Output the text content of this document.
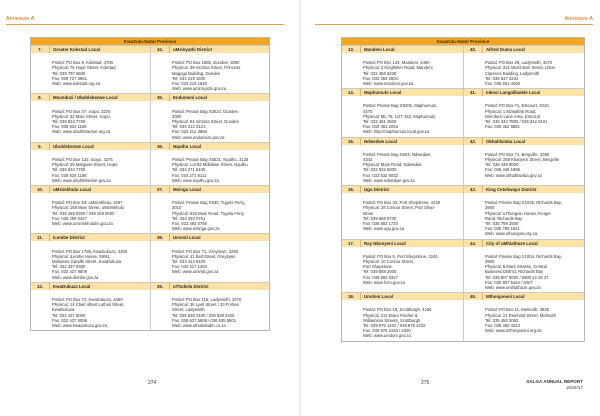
Annexure A
KwaZulu-Natal Province
7.	Greater Kokstad Local
Postal: PO Box 8, Kokstad, 4700
Physical: 75 Hope Street, Kokstad
Tel: 039 797 6600
Fax: 039 727 3551
Web: www.kokstad.org.za
34.	uMzinyathi District
Postal: PO Box 1965, Dundee, 3000
Physical: 39 Victoria Street, Princess
Magogo Building, Dundee
Tel: 034 219 1500
Fax: 034 218 1940
Web: www.umzinyathi.gov.za
8.	Msunduzi / Ubuhlebezwe Local
Postal: PO Box 47, Ixopo, 3276
Physical: 32 Main Street, Ixopo
Tel: 039 834 7700
Fax: 039 834 1168
Web: www.ubuhlebezwe.org.za
35.	Endumeni Local
Postal: Private Bag X2024, Dundee,
3000
Physical: 64 Victoria Street, Dundee
Tel: 034 212 2121
Fax: 034 212 3856
Web: www.endumeni.gov.za
9.	Ubuhlebezwe Local
Postal: PO Box 132, Ixopo, 3276
Physical: 29 Margaret Street, Ixopo
Tel: 039 834 7700
Fax: 039 834 1168
Web: www.ubuhlebezwe.gov.za
36.	Nquthu Local
Postal: Private Bag X5521, Nquthu, 3135
Physical: Lot 83 Mdlalose Street, Nquthu
Tel: 034 271 6100
Fax: 034 271 6111
Web: www.nquthu.gov.za
10.	uMzimkhulu Local
Postal: PO Box 53, uMzimkhulu, 3297
Physical: 169 Main Street, uMzimkhulu
Tel: 039 259 5300 / 039 259 5000
Fax: 039 259 0427
Web: www.umzimkhululm.gov.za
37.	Msinga Local
Postal: Private Bag X530, Tugela Ferry,
3010
Physical: 533 Main Road, Tugela Ferry
Tel: 033 493 0761
Fax: 033 493 0766
Web: www.msinga.gov.za
11.	iLembe District
Postal: PO Box 1788, KwaDukuza, 4450
Physical: iLembe House, 59/61
Mahatma Gandhi Street, KwaDukuza
Tel: 032 437 9300
Fax: 032 437 9509
Web: www.ilembe.gov.za
38.	Umvoti Local
Postal: PO Box 71, Greytown, 3250
Physical: 41 Bell Street, Greytown
Tel: 033 413 9100
Fax: 033 417 1393
Web: www.umvoti.gov.za
12.	KwaDukuza Local
Postal: PO Box 72, KwaDukuza, 4450
Physical: 14 Chief Albert Luthuli Street,
KwaDukuza
Tel: 032 437 5000
Fax: 032 437 5098
Web: www.kwadukuza.gov.za
39.	uThukela District
Postal: PO Box 116, Ladysmith, 3370
Physical: 36 Lyell Street / 33 Forbes
Street, Ladysmith
Tel: 036 638 2400 / 036 638 2400
Fax: 036 637 5608 / 036 635 5501
Web: www.uthukeladm.co.za
274
Annexure A
KwaZulu-Natal Province
13.	Mandeni Local
Postal: PO Box 144, Mandeni, 4490
Physical: 2 Kingfisher Road, Mandeni
Tel: 032 456 8200
Fax: 032 456 2504
Web: www.mandeni.gov.za
40.	Alfred Duma Local
Postal: PO Box 29, Ladysmith, 3370
Physical: 221 Murchison Street, Lister
Clarence Building, Ladysmith
Tel: 036 637 2231
Fax: 036 631 4400
14.	Maphumulo Local
Postal: Private Bag X9205, Maphumulo,
4470
Physical: ML 78, LOT 152, Maphumulo
Tel: 032 481 4500
Fax: 032 481 2053
Web: http://maphumulo.local.gov.za
41.	Inkosi Langalibalele Local
Postal: PO Box 71, Estcourt, 3310
Physical: 1 Mzwakhe Road,
Wembezi Lane Area, Estcourt
Tel: 036 342 7800 / 036 342 6101
Fax: 036 352 5861
15.	Ndwedwe Local
Postal: Private Bag X503, Ndwedwe,
4342
Physical: Main Road, Ndwedwe
Tel: 032 532 5000
Fax: 032 532 5032
Web: www.ndwedwe.gov.za
42.	Okhahlamba Local
Postal: PO Box 71, Bergville, 3350
Physical: 259 Khanyezi Street, Bergville
Tel: 036 448 8000
Fax: 036 448 1986
Web: www.okhahlamba.gov.za
16.	Ugu District
Postal: PO Box 33, Port Shepstone, 4240
Physical: 28 Connor Street, Port Shep-
stone
Tel: 039 688 5700
Fax: 039 682 1720
Web: www.ugu.gov.za
43.	King Cetshwayo District
Postal: Private Bag X1025, Richards Bay,
3900
Physical: uThungulu House, Kruger
Rand, Richards Bay
Tel: 035 799 2500
Fax: 035 789 1641
Web: www.uthungulu.org.za
17.	Ray Nkonyeni Local
Postal: PO Box 5, Port Shepstone, 4240
Physical: 10 Connor Street,
Port Shepstone
Tel: 039 688 2000
Fax: 039 682 0327
Web: www.hcm.gov.za
44.	City of uMhlathuze Local
Postal: Private Bag X1004, Richards Bay,
3900
Physical: 5 Mark Strasse, Central
Business District, Richards Bay
Tel: 035 907 5000 / 0800 22 28 27
Fax: 035 907 5444 / 5/6/7
Web: www.umhlathuze.gov.za
18.	Umdoni Local
Postal: PO Box 19, Scottburgh, 4180
Physical: Cnr Bram Fischer &
Williamson Streets, Scottburgh
Tel: 039 976 1202 / 039 976 4332
Fax: 039 976 2194 / 2020
Web: www.umdoni.gov.za
45.	Mthonjaneni Local
Postal: PO Box 11, Melmoth, 3835
Physical: 21 Reinhold Street, Melmoth
Tel: 035 450 2082
Fax: 035 450 3224
Web: www.mthonjaneni.org.za
275	SALGA ANNUAL REPORT
2016/17
